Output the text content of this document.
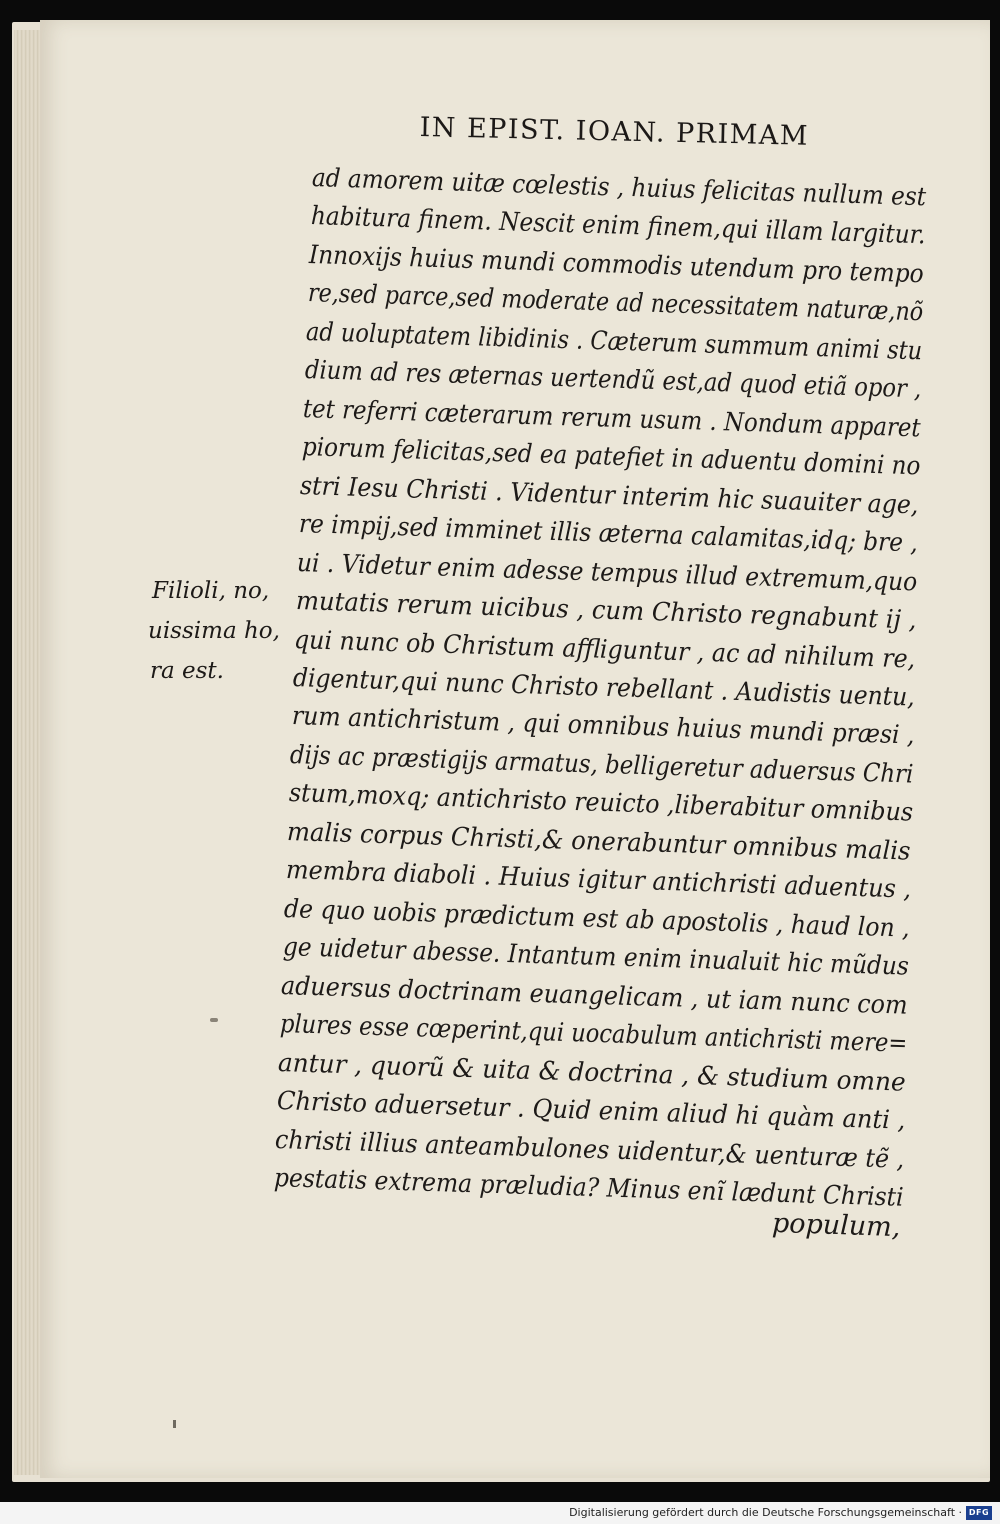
IN EPIST. IOAN. PRIMAM
ad amorem uitæ cœlestis , huius felicitas nullum est
habitura finem. Nescit enim finem,qui illam largitur.
Innoxijs huius mundi commodis utendum pro tempo
re,sed parce,sed moderate ad necessitatem naturæ,nõ
ad uoluptatem libidinis . Cæterum summum animi stu
dium ad res æternas uertendũ est,ad quod etiã opor ,
tet referri cæterarum rerum usum . Nondum apparet
piorum felicitas,sed ea patefiet in aduentu domini no
stri Iesu Christi . Videntur interim hic suauiter age,
re impij,sed imminet illis æterna calamitas,idq; bre ,
ui . Videtur enim adesse tempus illud extremum,quo
mutatis rerum uicibus , cum Christo regnabunt ij ,
qui nunc ob Christum affliguntur , ac ad nihilum re,
digentur,qui nunc Christo rebellant . Audistis uentu,
rum antichristum , qui omnibus huius mundi præsi ,
dijs ac præstigijs armatus, belligeretur aduersus Chri
stum,moxq; antichristo reuicto ,liberabitur omnibus
malis corpus Christi,& onerabuntur omnibus malis
membra diaboli . Huius igitur antichristi aduentus ,
de quo uobis prædictum est ab apostolis , haud lon ,
ge uidetur abesse. Intantum enim inualuit hic mũdus
aduersus doctrinam euangelicam , ut iam nunc com
plures esse cœperint,qui uocabulum antichristi mere=
antur , quorũ & uita & doctrina , & studium omne
Christo aduersetur . Quid enim aliud hi quàm anti ,
christi illius anteambulones uidentur,& uenturæ tẽ ,
pestatis extrema præludia? Minus enĩ lædunt Christi
Filioli, no,
uissima ho,
ra est.
populum,
Digitalisierung gefördert durch die Deutsche Forschungsgemeinschaft · DFG
